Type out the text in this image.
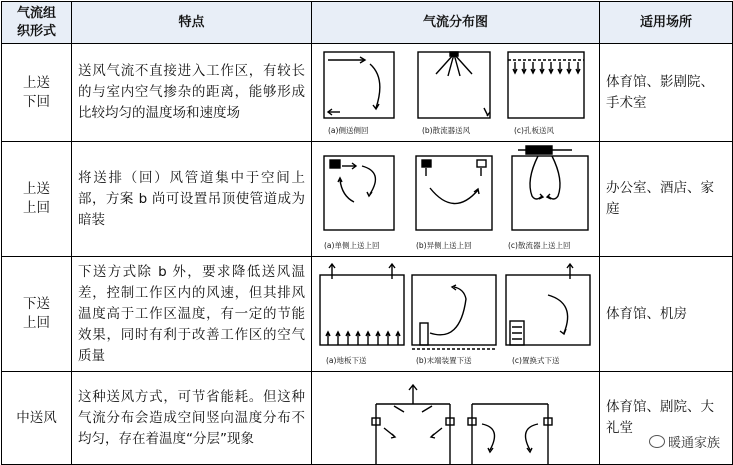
气流组织形式	特点	气流分布图	适用场所
上送下回	送风气流不直接进入工作区，有较长的与室内空气掺杂的距离，能够形成比较均匀的温度场和速度场	(a)侧送侧回 (b)散流器送风 (c)孔板送风	体育馆、影剧院、手术室
上送上回	将送排（回）风管道集中于空间上部，方案 b 尚可设置吊顶使管道成为暗装	(a)单侧上送上回 (b)异侧上送上回 (c)散流器上送上回	办公室、酒店、家庭
下送上回	下送方式除 b 外，要求降低送风温差，控制工作区内的风速，但其排风温度高于工作区温度，有一定的节能效果，同时有利于改善工作区的空气质量	(a)地板下送 (b)末端装置下送 (c)置换式下送	体育馆、机房
中送风	这种送风方式，可节省能耗。但这种气流分布会造成空间竖向温度分布不均匀，存在着温度“分层”现象		体育馆、剧院、大礼堂
暖通家族
